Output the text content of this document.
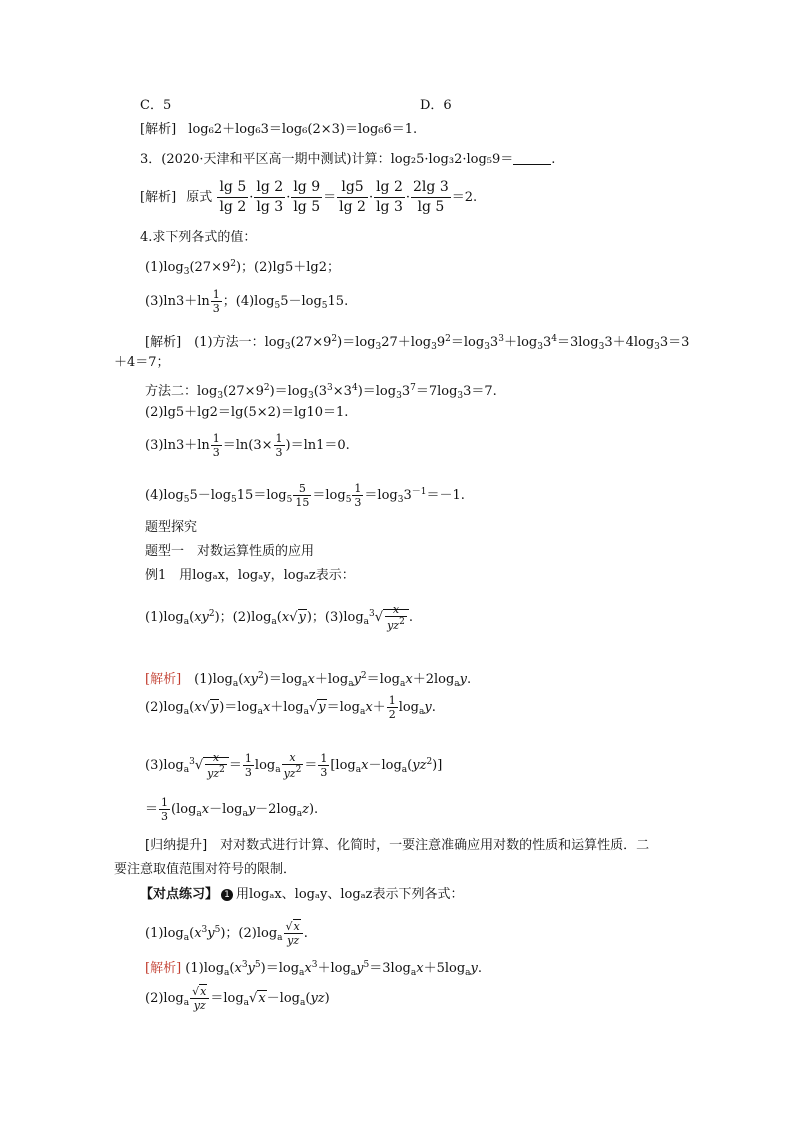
C．5	D．6
[解析] log₆2＋log₆3＝log₆(2×3)＝log₆6＝1.
3．(2020·天津和平区高一期中测试)计算：log₂5·log₃2·log₅9＝	.
[解析] 原式 $\frac{\lg 5}{\lg 2} \cdot \frac{\lg 2}{\lg 3} \cdot \frac{\lg 9}{\lg 5} = \frac{\lg 5}{\lg 2} \cdot \frac{\lg 2}{\lg 3} \cdot \frac{2\lg 3}{\lg 5} =2$.
4.求下列各式的值：
$(1)\log_3(27\times 9^2)$；(2)lg5＋lg2；
$(3)\ln 3+\ln \frac{1}{3}$ ；$(4)\log_55-\log_515$.
[解析]　(1)方法一：$\log_3(27\times 9^2)=\log_327+\log_39^2=\log_33^3+\log_33^4=3\log_33+4\log_33=3$
＋4＝7；
方法二：$\log_3(27\times 9^2)=\log_3(3^3\times 3^4)=\log_33^7=7\log_33=7$.
(2)lg5＋lg2＝lg(5×2)＝lg10＝1.
$(3)\ln 3+\ln \frac{1}{3} =\ln(3\times \frac{1}{3} )=\ln 1=0$.
$(4)\log_55-\log_515=\log_5 \frac{5}{15} =\log_5 \frac{1}{3} =\log_33^{-1}=-1$.
题型探究
题型一　对数运算性质的应用
例1　用logₐx，logₐy，logₐz表示：
$(1)\log_a(xy^2)$；$(2)\log_a(x√y)$；$(3)\log_a^3√ \frac{x}{yz^2}$ .
[解析]　$(1)\log_a(xy^2)=\log_ax+\log_ay^2=\log_ax+2\log_ay$.
$(2)\log_a(x√y)=\log_ax+\log_a√y=\log_ax+ \frac{1}{2} \log_ay$.
$(3)\log_a^3√ \frac{x}{yz^2} = \frac{1}{3} \log_a \frac{x}{yz^2} = \frac{1}{3} [\log_ax-\log_a(yz^2)]$
＝ $\frac{1}{3} (\log_ax-\log_ay-2\log_az)$.
[归纳提升]　 对对数式进行计算、化简时，一要注意准确应用对数的性质和运算性质．二
要注意取值范围对符号的限制．
【对点练习】 1 用logₐx、logₐy、logₐz表示下列各式：
$(1)\log_a(x^3y^5)$；$(2)\log_a \frac{√x}{yz}$ .
[解析] $(1)\log_a(x^3y^5)=\log_ax^3+\log_ay^5=3\log_ax+5\log_ay$.
$(2)\log_a \frac{√x}{yz} =\log_a√x-\log_a(yz)$
